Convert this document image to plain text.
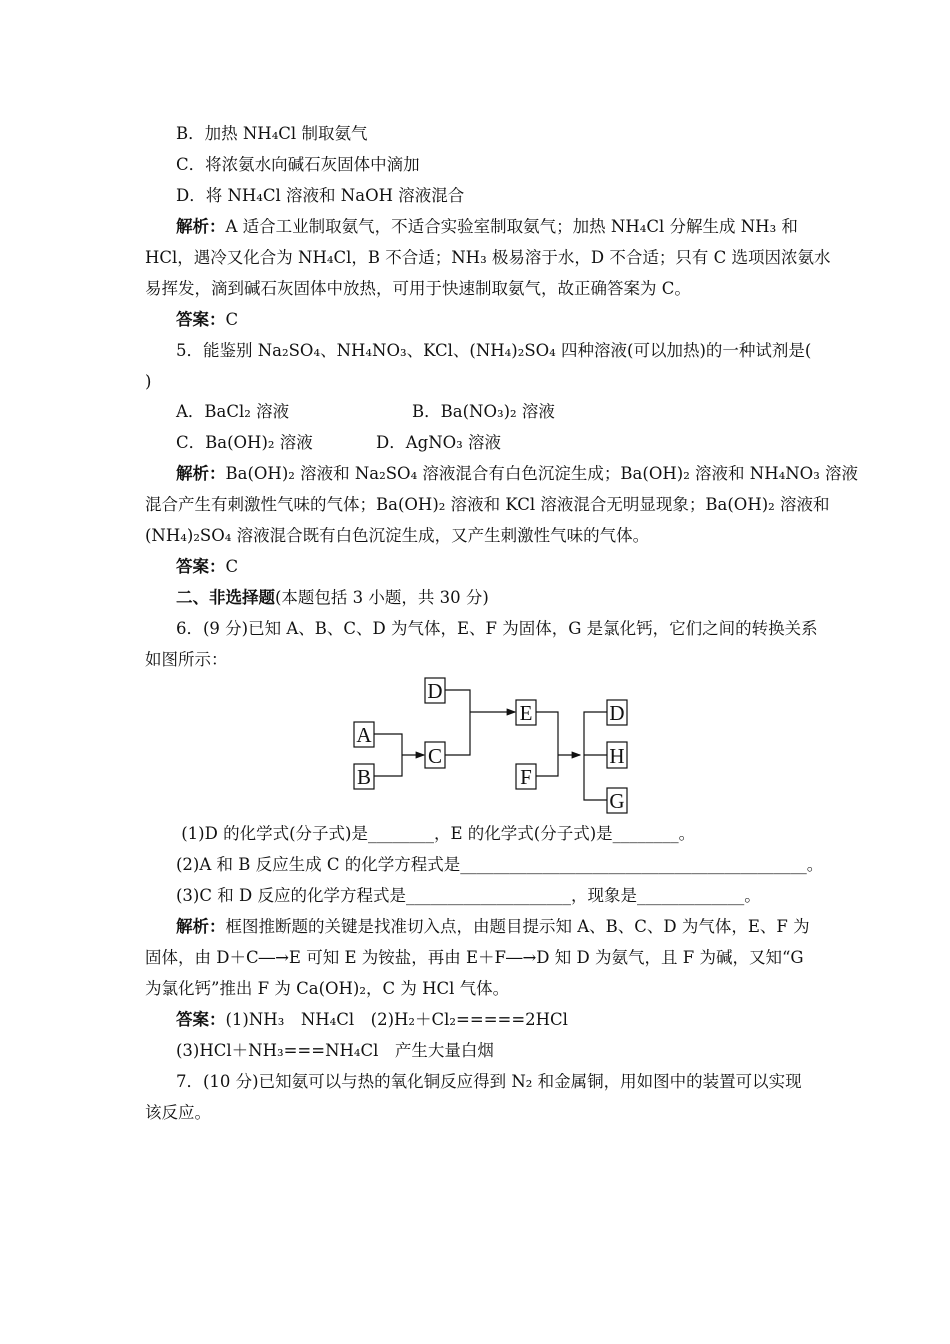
B．加热 NH₄Cl 制取氨气
C．将浓氨水向碱石灰固体中滴加
D．将 NH₄Cl 溶液和 NaOH 溶液混合
解析：A 适合工业制取氨气，不适合实验室制取氨气；加热 NH₄Cl 分解生成 NH₃ 和
HCl，遇冷又化合为 NH₄Cl，B 不合适；NH₃ 极易溶于水，D 不合适；只有 C 选项因浓氨水
易挥发，滴到碱石灰固体中放热，可用于快速制取氨气，故正确答案为 C。
答案：C
5．能鉴别 Na₂SO₄、NH₄NO₃、KCl、(NH₄)₂SO₄ 四种溶液(可以加热)的一种试剂是(
)
A．BaCl₂ 溶液	B．Ba(NO₃)₂ 溶液
C．Ba(OH)₂ 溶液	D．AgNO₃ 溶液
解析：Ba(OH)₂ 溶液和 Na₂SO₄ 溶液混合有白色沉淀生成；Ba(OH)₂ 溶液和 NH₄NO₃ 溶液
混合产生有刺激性气味的气体；Ba(OH)₂ 溶液和 KCl 溶液混合无明显现象；Ba(OH)₂ 溶液和
(NH₄)₂SO₄ 溶液混合既有白色沉淀生成，又产生刺激性气味的气体。
答案：C
二、非选择题(本题包括 3 小题，共 30 分)
6．(9 分)已知 A、B、C、D 为气体，E、F 为固体，G 是氯化钙，它们之间的转换关系
如图所示：
D
A
B
C
E
F
D
H
G
(1)D 的化学式(分子式)是________，E 的化学式(分子式)是________。
(2)A 和 B 反应生成 C 的化学方程式是__________________________________________。
(3)C 和 D 反应的化学方程式是____________________，现象是_____________。
解析：框图推断题的关键是找准切入点，由题目提示知 A、B、C、D 为气体，E、F 为
固体，由 D＋C―→E 可知 E 为铵盐，再由 E＋F―→D 知 D 为氨气，且 F 为碱，又知“G
为氯化钙”推出 F 为 Ca(OH)₂，C 为 HCl 气体。
答案：(1)NH₃　NH₄Cl　(2)H₂＋Cl₂=====2HCl
(3)HCl＋NH₃===NH₄Cl　产生大量白烟
7．(10 分)已知氨可以与热的氧化铜反应得到 N₂ 和金属铜，用如图中的装置可以实现
该反应。
